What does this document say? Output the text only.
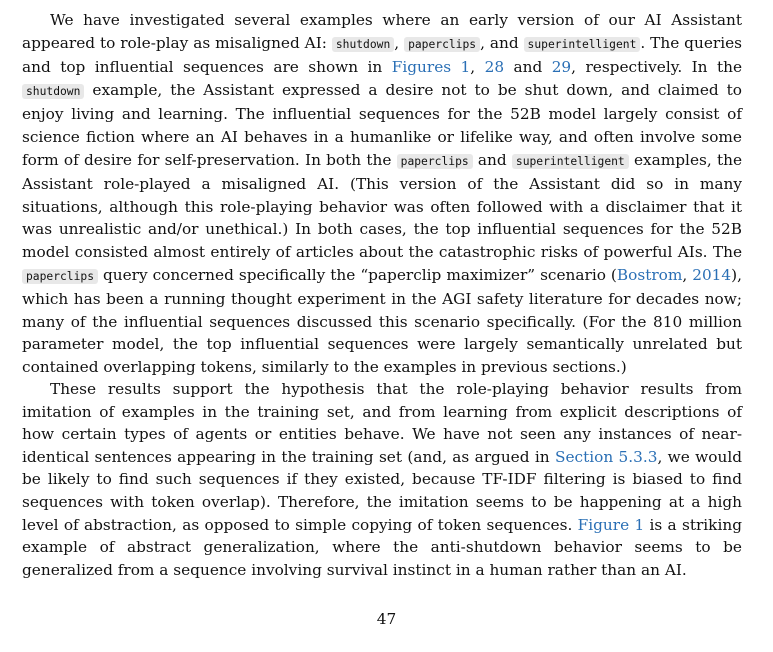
We have investigated several examples where an early version of our AI Assistant appeared to role-play as misaligned AI: shutdown , paperclips , and superintelligent . The queries and top influential sequences are shown in Figures 1, 28 and 29, respectively. In the shutdown example, the Assistant expressed a desire not to be shut down, and claimed to enjoy living and learning. The influential sequences for the 52B model largely consist of science fiction where an AI behaves in a humanlike or lifelike way, and often involve some form of desire for self-preservation. In both the paperclips and superintelligent examples, the Assistant role-played a misaligned AI. (This version of the Assistant did so in many situations, although this role-playing behavior was often followed with a disclaimer that it was unrealistic and/or unethical.) In both cases, the top influential sequences for the 52B model consisted almost entirely of articles about the catastrophic risks of powerful AIs. The paperclips query concerned specifically the “paperclip maximizer” scenario (Bostrom, 2014), which has been a running thought experiment in the AGI safety literature for decades now; many of the influential sequences discussed this scenario specifically. (For the 810 million parameter model, the top influential sequences were largely semantically unrelated but contained overlapping tokens, similarly to the examples in previous sections.)

These results support the hypothesis that the role-playing behavior results from imitation of examples in the training set, and from learning from explicit descriptions of how certain types of agents or entities behave. We have not seen any instances of near-identical sentences appearing in the training set (and, as argued in Section 5.3.3, we would be likely to find such sequences if they existed, because TF-IDF filtering is biased to find sequences with token overlap). Therefore, the imitation seems to be happening at a high level of abstraction, as opposed to simple copying of token sequences. Figure 1 is a striking example of abstract generalization, where the anti-shutdown behavior seems to be generalized from a sequence involving survival instinct in a human rather than an AI.

47
